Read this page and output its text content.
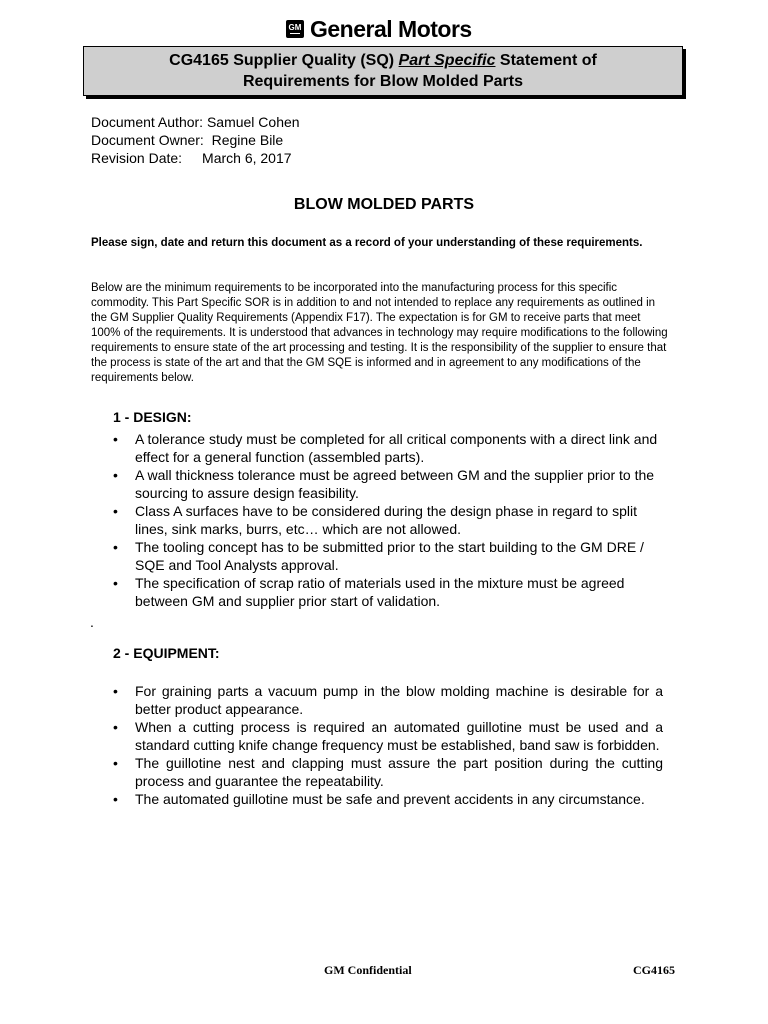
GM General Motors
CG4165 Supplier Quality (SQ) Part Specific Statement of
Requirements for Blow Molded Parts
Document Author: Samuel Cohen
Document Owner:  Regine Bile
Revision Date: March 6, 2017
BLOW MOLDED PARTS
Please sign, date and return this document as a record of your understanding of these requirements.
Below are the minimum requirements to be incorporated into the manufacturing process for this specific commodity. This Part Specific SOR is in addition to and not intended to replace any requirements as outlined in the GM Supplier Quality Requirements (Appendix F17). The expectation is for GM to receive parts that meet 100% of the requirements. It is understood that advances in technology may require modifications to the following requirements to ensure state of the art processing and testing. It is the responsibility of the supplier to ensure that the process is state of the art and that the GM SQE is informed and in agreement to any modifications of the requirements below.
1 - DESIGN:
• A tolerance study must be completed for all critical components with a direct link and effect for a general function (assembled parts).
• A wall thickness tolerance must be agreed between GM and the supplier prior to the sourcing to assure design feasibility.
• Class A surfaces have to be considered during the design phase in regard to split lines, sink marks, burrs, etc… which are not allowed.
• The tooling concept has to be submitted prior to the start building to the GM DRE / SQE and Tool Analysts approval.
• The specification of scrap ratio of materials used in the mixture must be agreed between GM and supplier prior start of validation.
.
2 - EQUIPMENT:
• For graining parts a vacuum pump in the blow molding machine is desirable for a better product appearance.
• When a cutting process is required an automated guillotine must be used and a standard cutting knife change frequency must be established, band saw is forbidden.
• The guillotine nest and clapping must assure the part position during the cutting process and guarantee the repeatability.
• The automated guillotine must be safe and prevent accidents in any circumstance.
GM Confidential	CG4165
